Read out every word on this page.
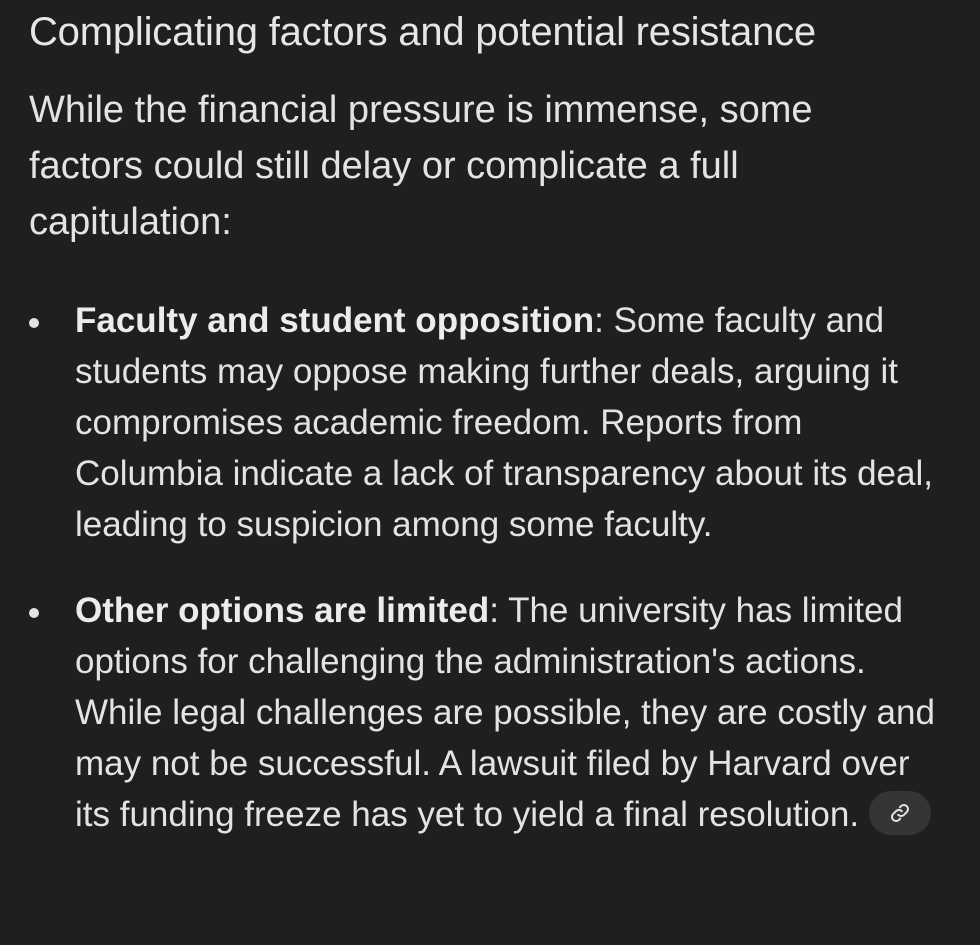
Complicating factors and potential resistance

While the financial pressure is immense, some factors could still delay or complicate a full capitulation:

Faculty and student opposition: Some faculty and students may oppose making further deals, arguing it compromises academic freedom. Reports from Columbia indicate a lack of transparency about its deal, leading to suspicion among some faculty.
Other options are limited: The university has limited options for challenging the administration's actions. While legal challenges are possible, they are costly and may not be successful. A lawsuit filed by Harvard over its funding freeze has yet to yield a final resolution.
